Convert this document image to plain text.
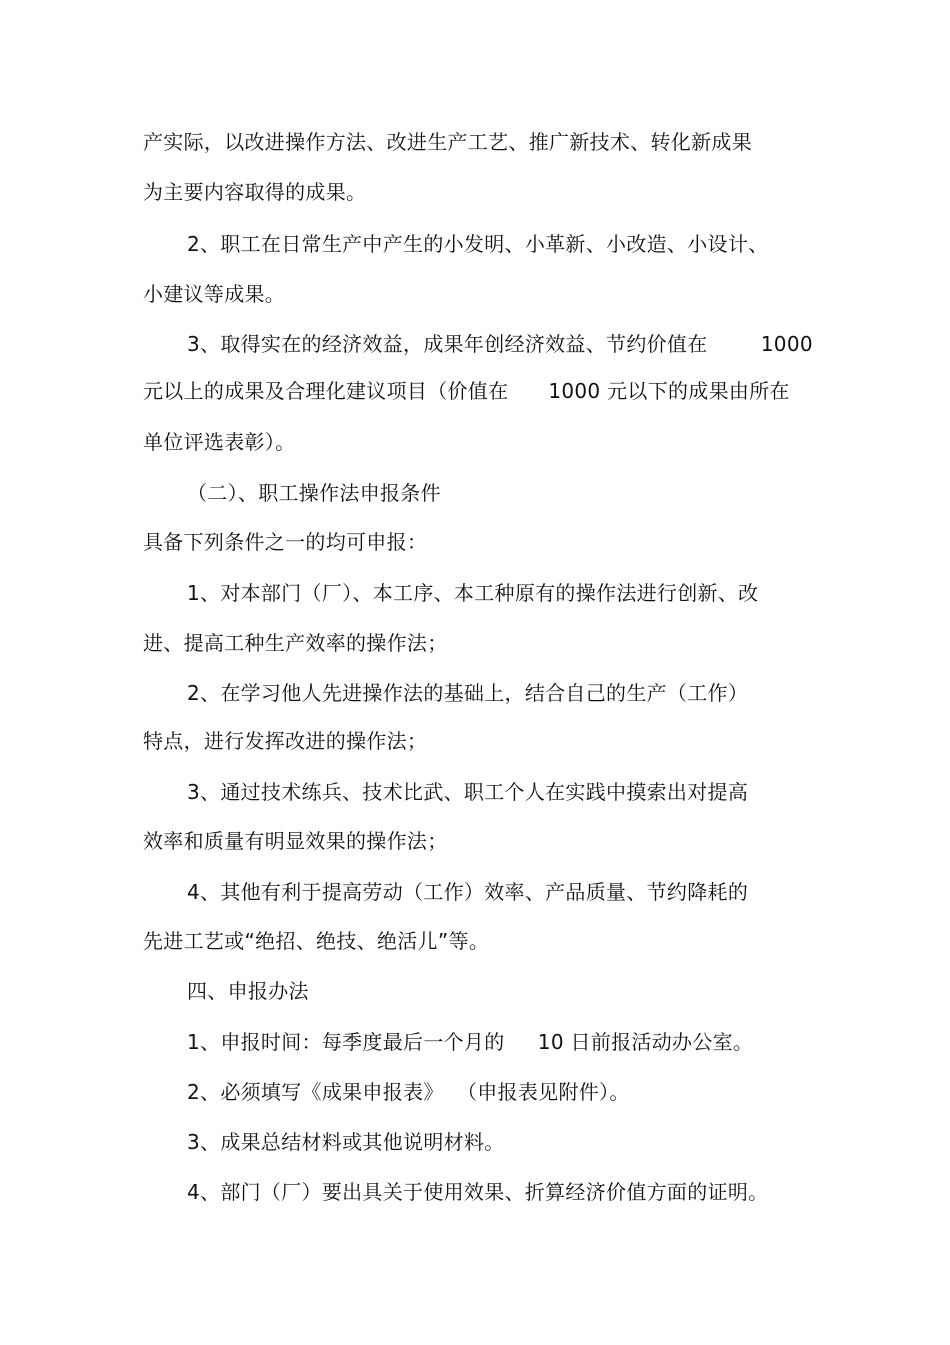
产实际，以改进操作方法、改进生产工艺、推广新技术、转化新成果
为主要内容取得的成果。
2、职工在日常生产中产生的小发明、小革新、小改造、小设计、
小建议等成果。
3、取得实在的经济效益，成果年创经济效益、节约价值在        1000
元以上的成果及合理化建议项目（价值在      1000 元以下的成果由所在
单位评选表彰）。
（二）、职工操作法申报条件
具备下列条件之一的均可申报：
1、对本部门（厂）、本工序、本工种原有的操作法进行创新、改
进、提高工种生产效率的操作法；
2、在学习他人先进操作法的基础上，结合自己的生产（工作）
特点，进行发挥改进的操作法；
3、通过技术练兵、技术比武、职工个人在实践中摸索出对提高
效率和质量有明显效果的操作法；
4、其他有利于提高劳动（工作）效率、产品质量、节约降耗的
先进工艺或“绝招、绝技、绝活儿”等。
四、申报办法
1、申报时间：每季度最后一个月的     10 日前报活动办公室。
2、必须填写《成果申报表》  （申报表见附件）。
3、成果总结材料或其他说明材料。
4、部门（厂）要出具关于使用效果、折算经济价值方面的证明。
